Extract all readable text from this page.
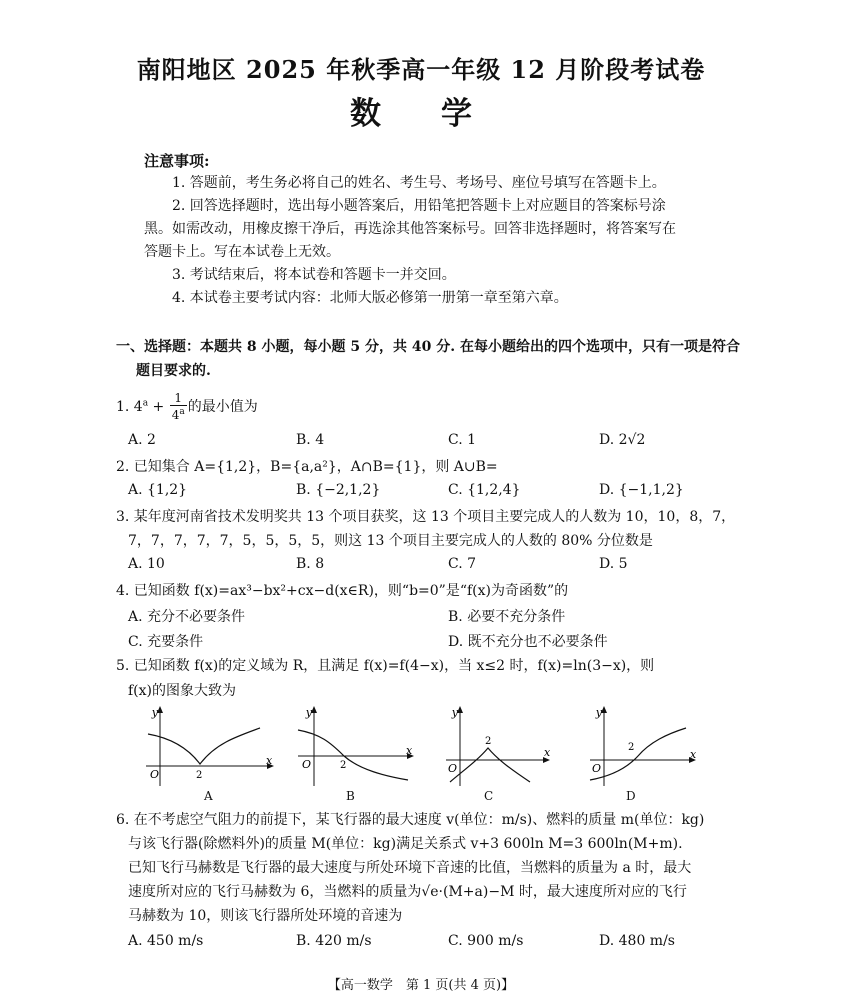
南阳地区 2025 年秋季高一年级 12 月阶段考试卷
数学
注意事项:
1. 答题前，考生务必将自己的姓名、考生号、考场号、座位号填写在答题卡上。
2. 回答选择题时，选出每小题答案后，用铅笔把答题卡上对应题目的答案标号涂
黑。如需改动，用橡皮擦干净后，再选涂其他答案标号。回答非选择题时，将答案写在
答题卡上。写在本试卷上无效。
3. 考试结束后，将本试卷和答题卡一并交回。
4. 本试卷主要考试内容：北师大版必修第一册第一章至第六章。
一、选择题：本题共 8 小题，每小题 5 分，共 40 分. 在每小题给出的四个选项中，只有一项是符合
题目要求的.
1. $4^a + \frac{1}{4^a}$ 的最小值为
A. 2	B. 4	C. 1	D. 2√2
2. 已知集合 A={1,2}，B={a,a²}，A∩B={1}，则 A∪B=
A. {1,2}	B. {−2,1,2}	C. {1,2,4}	D. {−1,1,2}
3. 某年度河南省技术发明奖共 13 个项目获奖，这 13 个项目主要完成人的人数为 10，10，8，7，
7，7，7，7，7，5，5，5，5，则这 13 个项目主要完成人的人数的 80% 分位数是
A. 10	B. 8	C. 7	D. 5
4. 已知函数 f(x)=ax³−bx²+cx−d(x∈R)，则“b=0”是“f(x)为奇函数”的
A. 充分不必要条件	B. 必要不充分条件
C. 充要条件	D. 既不充分也不必要条件
5. 已知函数 f(x)的定义域为 R，且满足 f(x)=f(4−x)，当 x≤2 时，f(x)=ln(3−x)，则
f(x)的图象大致为
y
x
O	2
A
y
x
O	2
B
y
x
O
2
C
y
x
O
2
D
6. 在不考虑空气阻力的前提下，某飞行器的最大速度 v(单位：m/s)、燃料的质量 m(单位：kg)
与该飞行器(除燃料外)的质量 M(单位：kg)满足关系式 v+3 600ln M=3 600ln(M+m).
已知飞行马赫数是飞行器的最大速度与所处环境下音速的比值，当燃料的质量为 a 时，最大
速度所对应的飞行马赫数为 6，当燃料的质量为√e·(M+a)−M 时，最大速度所对应的飞行
马赫数为 10，则该飞行器所处环境的音速为
A. 450 m/s	B. 420 m/s	C. 900 m/s	D. 480 m/s
【高一数学　第 1 页(共 4 页)】
